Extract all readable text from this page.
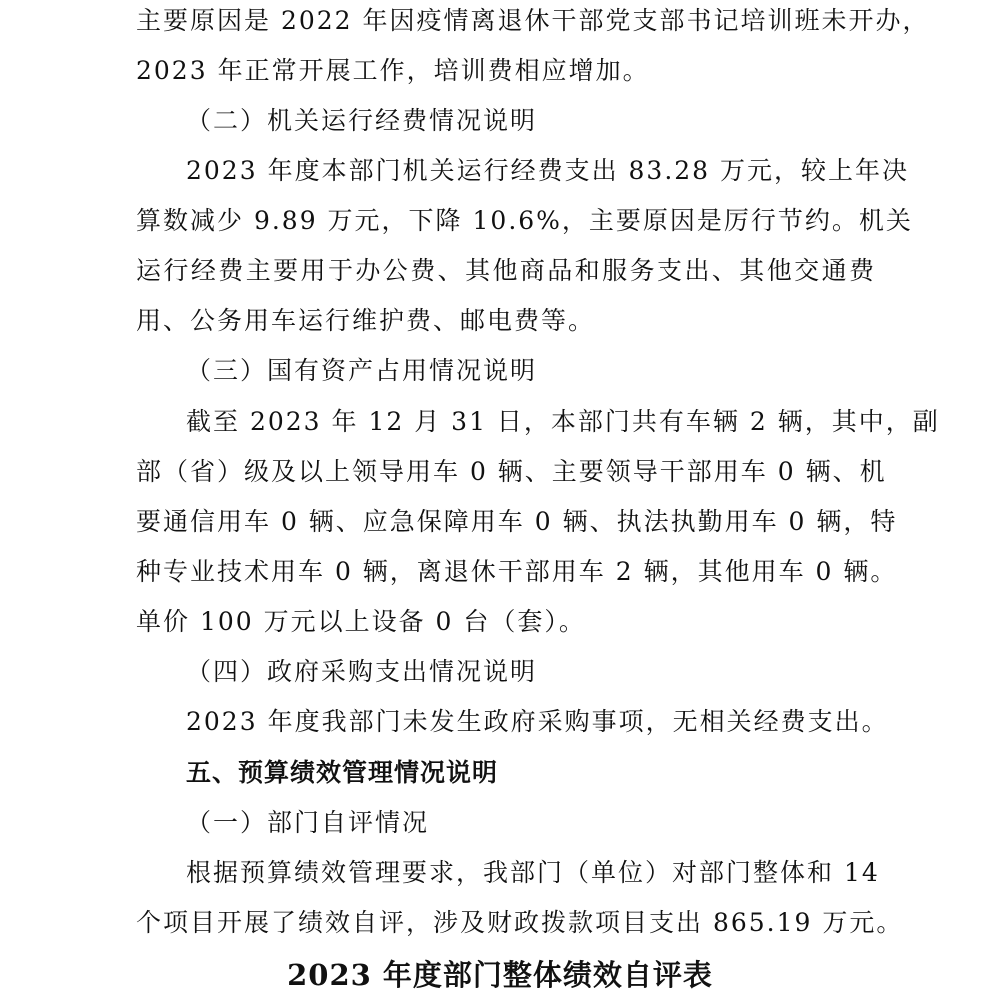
主要原因是 2022 年因疫情离退休干部党支部书记培训班未开办，
2023 年正常开展工作，培训费相应增加。
（二）机关运行经费情况说明
2023 年度本部门机关运行经费支出 83.28 万元，较上年决
算数减少 9.89 万元，下降 10.6%，主要原因是厉行节约。机关
运行经费主要用于办公费、其他商品和服务支出、其他交通费
用、公务用车运行维护费、邮电费等。
（三）国有资产占用情况说明
截至 2023 年 12 月 31 日，本部门共有车辆 2 辆，其中，副
部（省）级及以上领导用车 0 辆、主要领导干部用车 0 辆、机
要通信用车 0 辆、应急保障用车 0 辆、执法执勤用车 0 辆，特
种专业技术用车 0 辆，离退休干部用车 2 辆，其他用车 0 辆。
单价 100 万元以上设备 0 台（套）。
（四）政府采购支出情况说明
2023 年度我部门未发生政府采购事项，无相关经费支出。
五、预算绩效管理情况说明
（一）部门自评情况
根据预算绩效管理要求，我部门（单位）对部门整体和 14
个项目开展了绩效自评，涉及财政拨款项目支出 865.19 万元。
2023 年度部门整体绩效自评表
